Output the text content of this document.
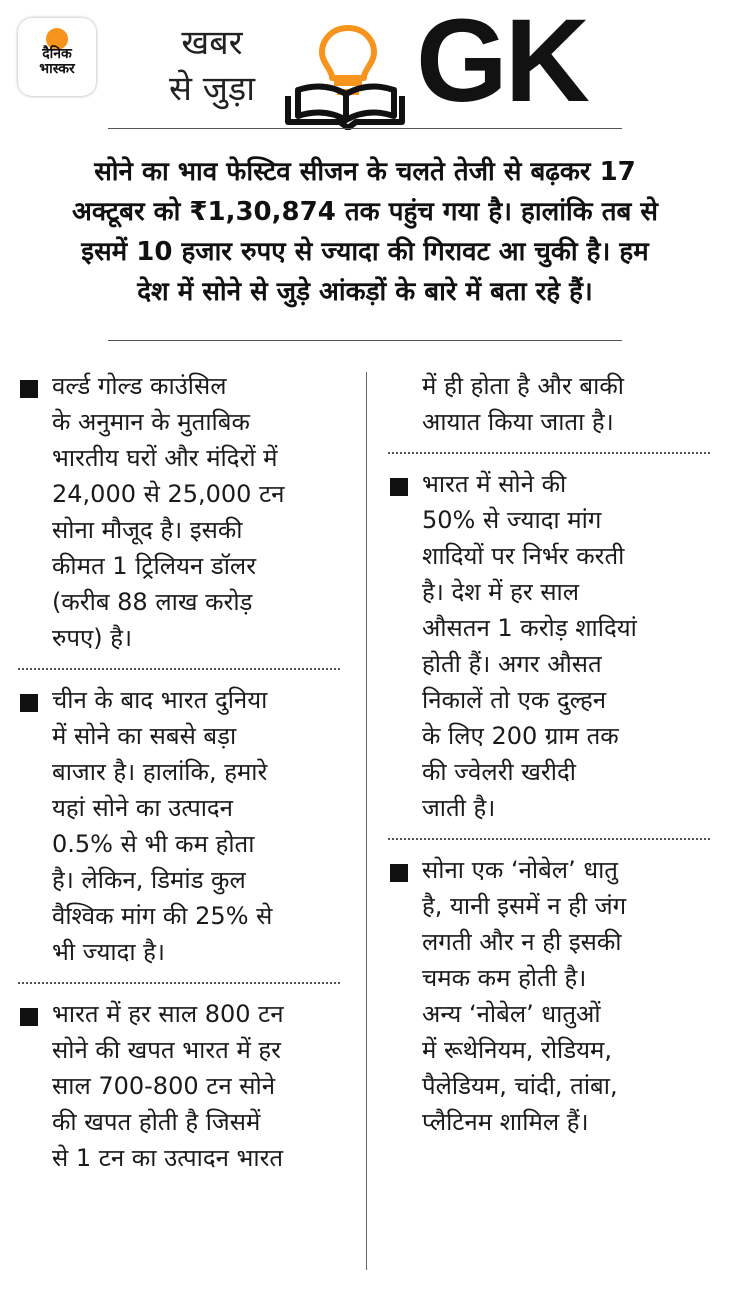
दैनिक
भास्कर
खबर
से जुड़ा GK
सोने का भाव फेस्टिव सीजन के चलते तेजी से बढ़कर 17
अक्टूबर को ₹1,30,874 तक पहुंच गया है। हालांकि तब से
इसमें 10 हजार रुपए से ज्यादा की गिरावट आ चुकी है। हम
देश में सोने से जुड़े आंकड़ों के बारे में बता रहे हैं।
वर्ल्ड गोल्ड काउंसिल
के अनुमान के मुताबिक
भारतीय घरों और मंदिरों में
24,000 से 25,000 टन
सोना मौजूद है। इसकी
कीमत 1 ट्रिलियन डॉलर
(करीब 88 लाख करोड़
रुपए) है।
चीन के बाद भारत दुनिया
में सोने का सबसे बड़ा
बाजार है। हालांकि, हमारे
यहां सोने का उत्पादन
0.5% से भी कम होता
है। लेकिन, डिमांड कुल
वैश्विक मांग की 25% से
भी ज्यादा है।
भारत में हर साल 800 टन
सोने की खपत भारत में हर
साल 700-800 टन सोने
की खपत होती है जिसमें
से 1 टन का उत्पादन भारत
में ही होता है और बाकी
आयात किया जाता है।
भारत में सोने की
50% से ज्यादा मांग
शादियों पर निर्भर करती
है। देश में हर साल
औसतन 1 करोड़ शादियां
होती हैं। अगर औसत
निकालें तो एक दुल्हन
के लिए 200 ग्राम तक
की ज्वेलरी खरीदी
जाती है।
सोना एक ‘नोबेल’ धातु
है, यानी इसमें न ही जंग
लगती और न ही इसकी
चमक कम होती है।
अन्य ‘नोबेल’ धातुओं
में रूथेनियम, रोडियम,
पैलेडियम, चांदी, तांबा,
प्लैटिनम शामिल हैं।
